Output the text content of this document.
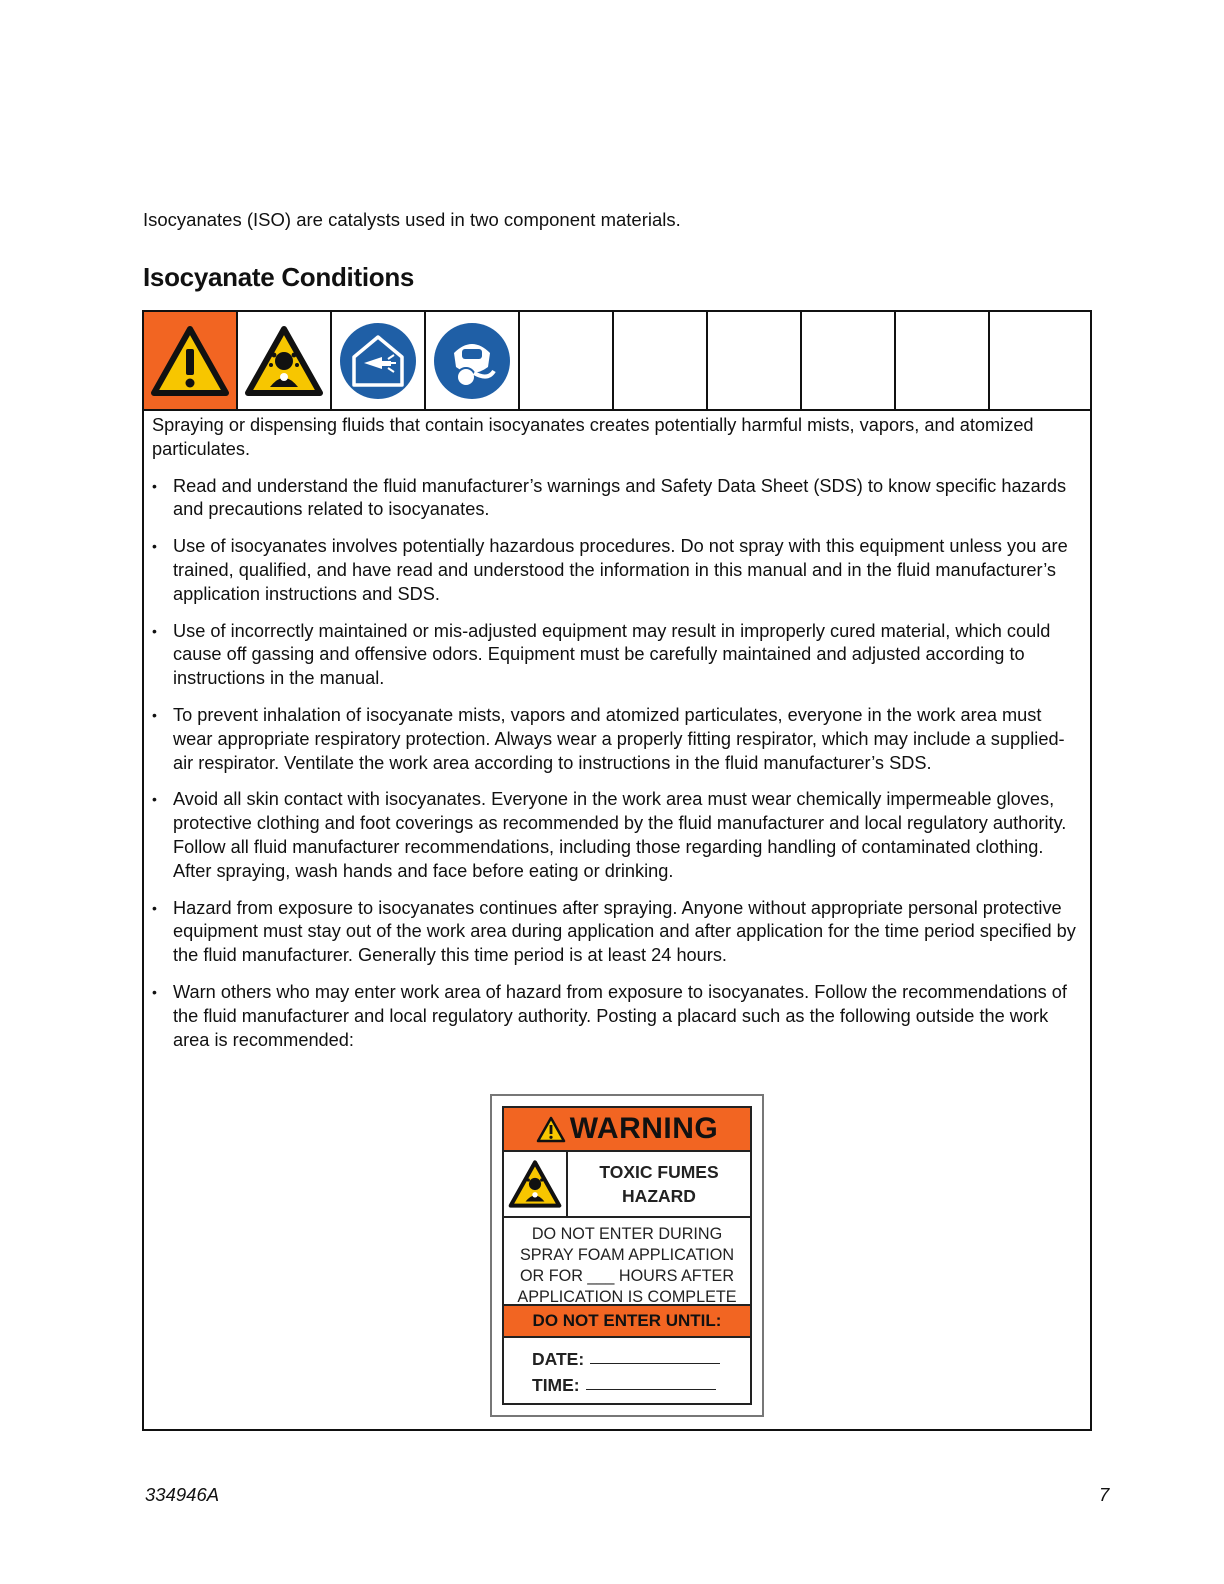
Isocyanates (ISO) are catalysts used in two component materials.
Isocyanate Conditions

Spraying or dispensing fluids that contain isocyanates creates potentially harmful mists, vapors, and atomized particulates.

• Read and understand the fluid manufacturer’s warnings and Safety Data Sheet (SDS) to know specific hazards and precautions related to isocyanates.
• Use of isocyanates involves potentially hazardous procedures. Do not spray with this equipment unless you are trained, qualified, and have read and understood the information in this manual and in the fluid manufacturer’s application instructions and SDS.
• Use of incorrectly maintained or mis-adjusted equipment may result in improperly cured material, which could cause off gassing and offensive odors. Equipment must be carefully maintained and adjusted according to instructions in the manual.
• To prevent inhalation of isocyanate mists, vapors and atomized particulates, everyone in the work area must wear appropriate respiratory protection. Always wear a properly fitting respirator, which may include a supplied-air respirator. Ventilate the work area according to instructions in the fluid manufacturer’s SDS.
• Avoid all skin contact with isocyanates. Everyone in the work area must wear chemically impermeable gloves, protective clothing and foot coverings as recommended by the fluid manufacturer and local regulatory authority. Follow all fluid manufacturer recommendations, including those regarding handling of contaminated clothing. After spraying, wash hands and face before eating or drinking.
• Hazard from exposure to isocyanates continues after spraying. Anyone without appropriate personal protective equipment must stay out of the work area during application and after application for the time period specified by the fluid manufacturer. Generally this time period is at least 24 hours.
• Warn others who may enter work area of hazard from exposure to isocyanates. Follow the recommendations of the fluid manufacturer and local regulatory authority. Posting a placard such as the following outside the work area is recommended:
WARNING
TOXIC FUMES
HAZARD
DO NOT ENTER DURING
SPRAY FOAM APPLICATION
OR FOR ___ HOURS AFTER
APPLICATION IS COMPLETE
DO NOT ENTER UNTIL:
DATE:
TIME:
334946A	7
